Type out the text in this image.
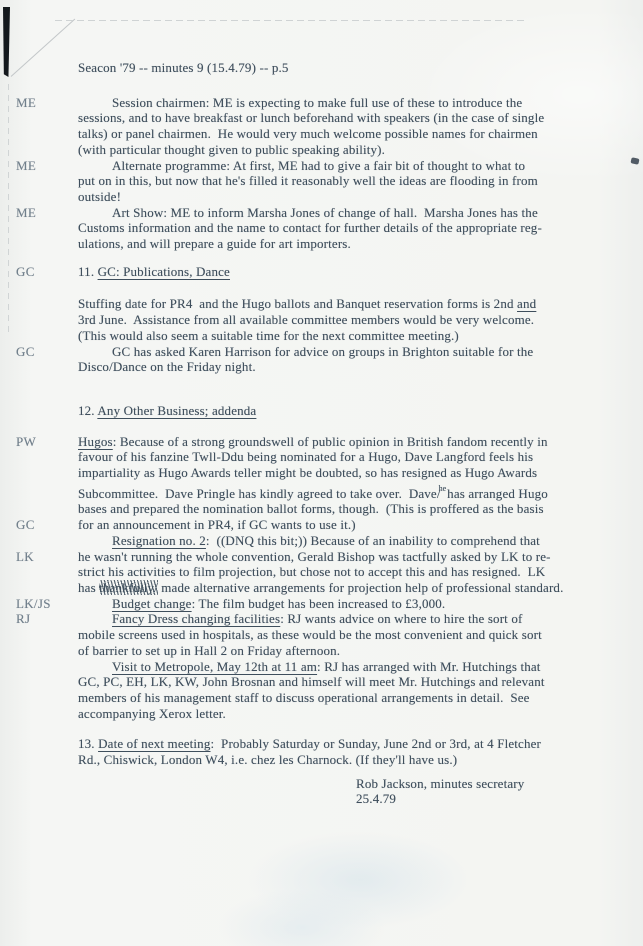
Seacon '79 -- minutes 9 (15.4.79) -- p.5
ME	Session chairmen: ME is expecting to make full use of these to introduce the
sessions, and to have breakfast or lunch beforehand with speakers (in the case of single
talks) or panel chairmen.  He would very much welcome possible names for chairmen
(with particular thought given to public speaking ability).
ME	Alternate programme: At first, ME had to give a fair bit of thought to what to
put on in this, but now that he's filled it reasonably well the ideas are flooding in from
outside!
ME	Art Show: ME to inform Marsha Jones of change of hall.  Marsha Jones has the
Customs information and the name to contact for further details of the appropriate reg-
ulations, and will prepare a guide for art importers.
GC	11. GC: Publications, Dance
Stuffing date for PR4  and the Hugo ballots and Banquet reservation forms is 2nd and
3rd June.  Assistance from all available committee members would be very welcome.
(This would also seem a suitable time for the next committee meeting.)
GC	GC has asked Karen Harrison for advice on groups in Brighton suitable for the
Disco/Dance on the Friday night.
12. Any Other Business; addenda
PW	Hugos: Because of a strong groundswell of public opinion in British fandom recently in
favour of his fanzine Twll-Ddu being nominated for a Hugo, Dave Langford feels his
impartiality as Hugo Awards teller might be doubted, so has resigned as Hugo Awards
Subcommittee.  Dave Pringle has kindly agreed to take over.  Dave/$^{he}$has arranged Hugo
bases and prepared the nomination ballot forms, though.  (This is proffered as the basis
GC	for an announcement in PR4, if GC wants to use it.)
Resignation no. 2:  ((DNQ this bit;)) Because of an inability to comprehend that
LK	he wasn't running the whole convention, Gerald Bishop was tactfully asked by LK to re-
strict his activities to film projection, but chose not to accept this and has resigned.  LK
has thankfully/ made alternative arrangements for projection help of professional standard.
LK/JS	Budget change: The film budget has been increased to £3,000.
RJ	Fancy Dress changing facilities: RJ wants advice on where to hire the sort of
mobile screens used in hospitals, as these would be the most convenient and quick sort
of barrier to set up in Hall 2 on Friday afternoon.
Visit to Metropole, May 12th at 11 am: RJ has arranged with Mr. Hutchings that
GC, PC, EH, LK, KW, John Brosnan and himself will meet Mr. Hutchings and relevant
members of his management staff to discuss operational arrangements in detail.  See
accompanying Xerox letter.
13. Date of next meeting:  Probably Saturday or Sunday, June 2nd or 3rd, at 4 Fletcher
Rd., Chiswick, London W4, i.e. chez les Charnock. (If they'll have us.)
Rob Jackson, minutes secretary
25.4.79
